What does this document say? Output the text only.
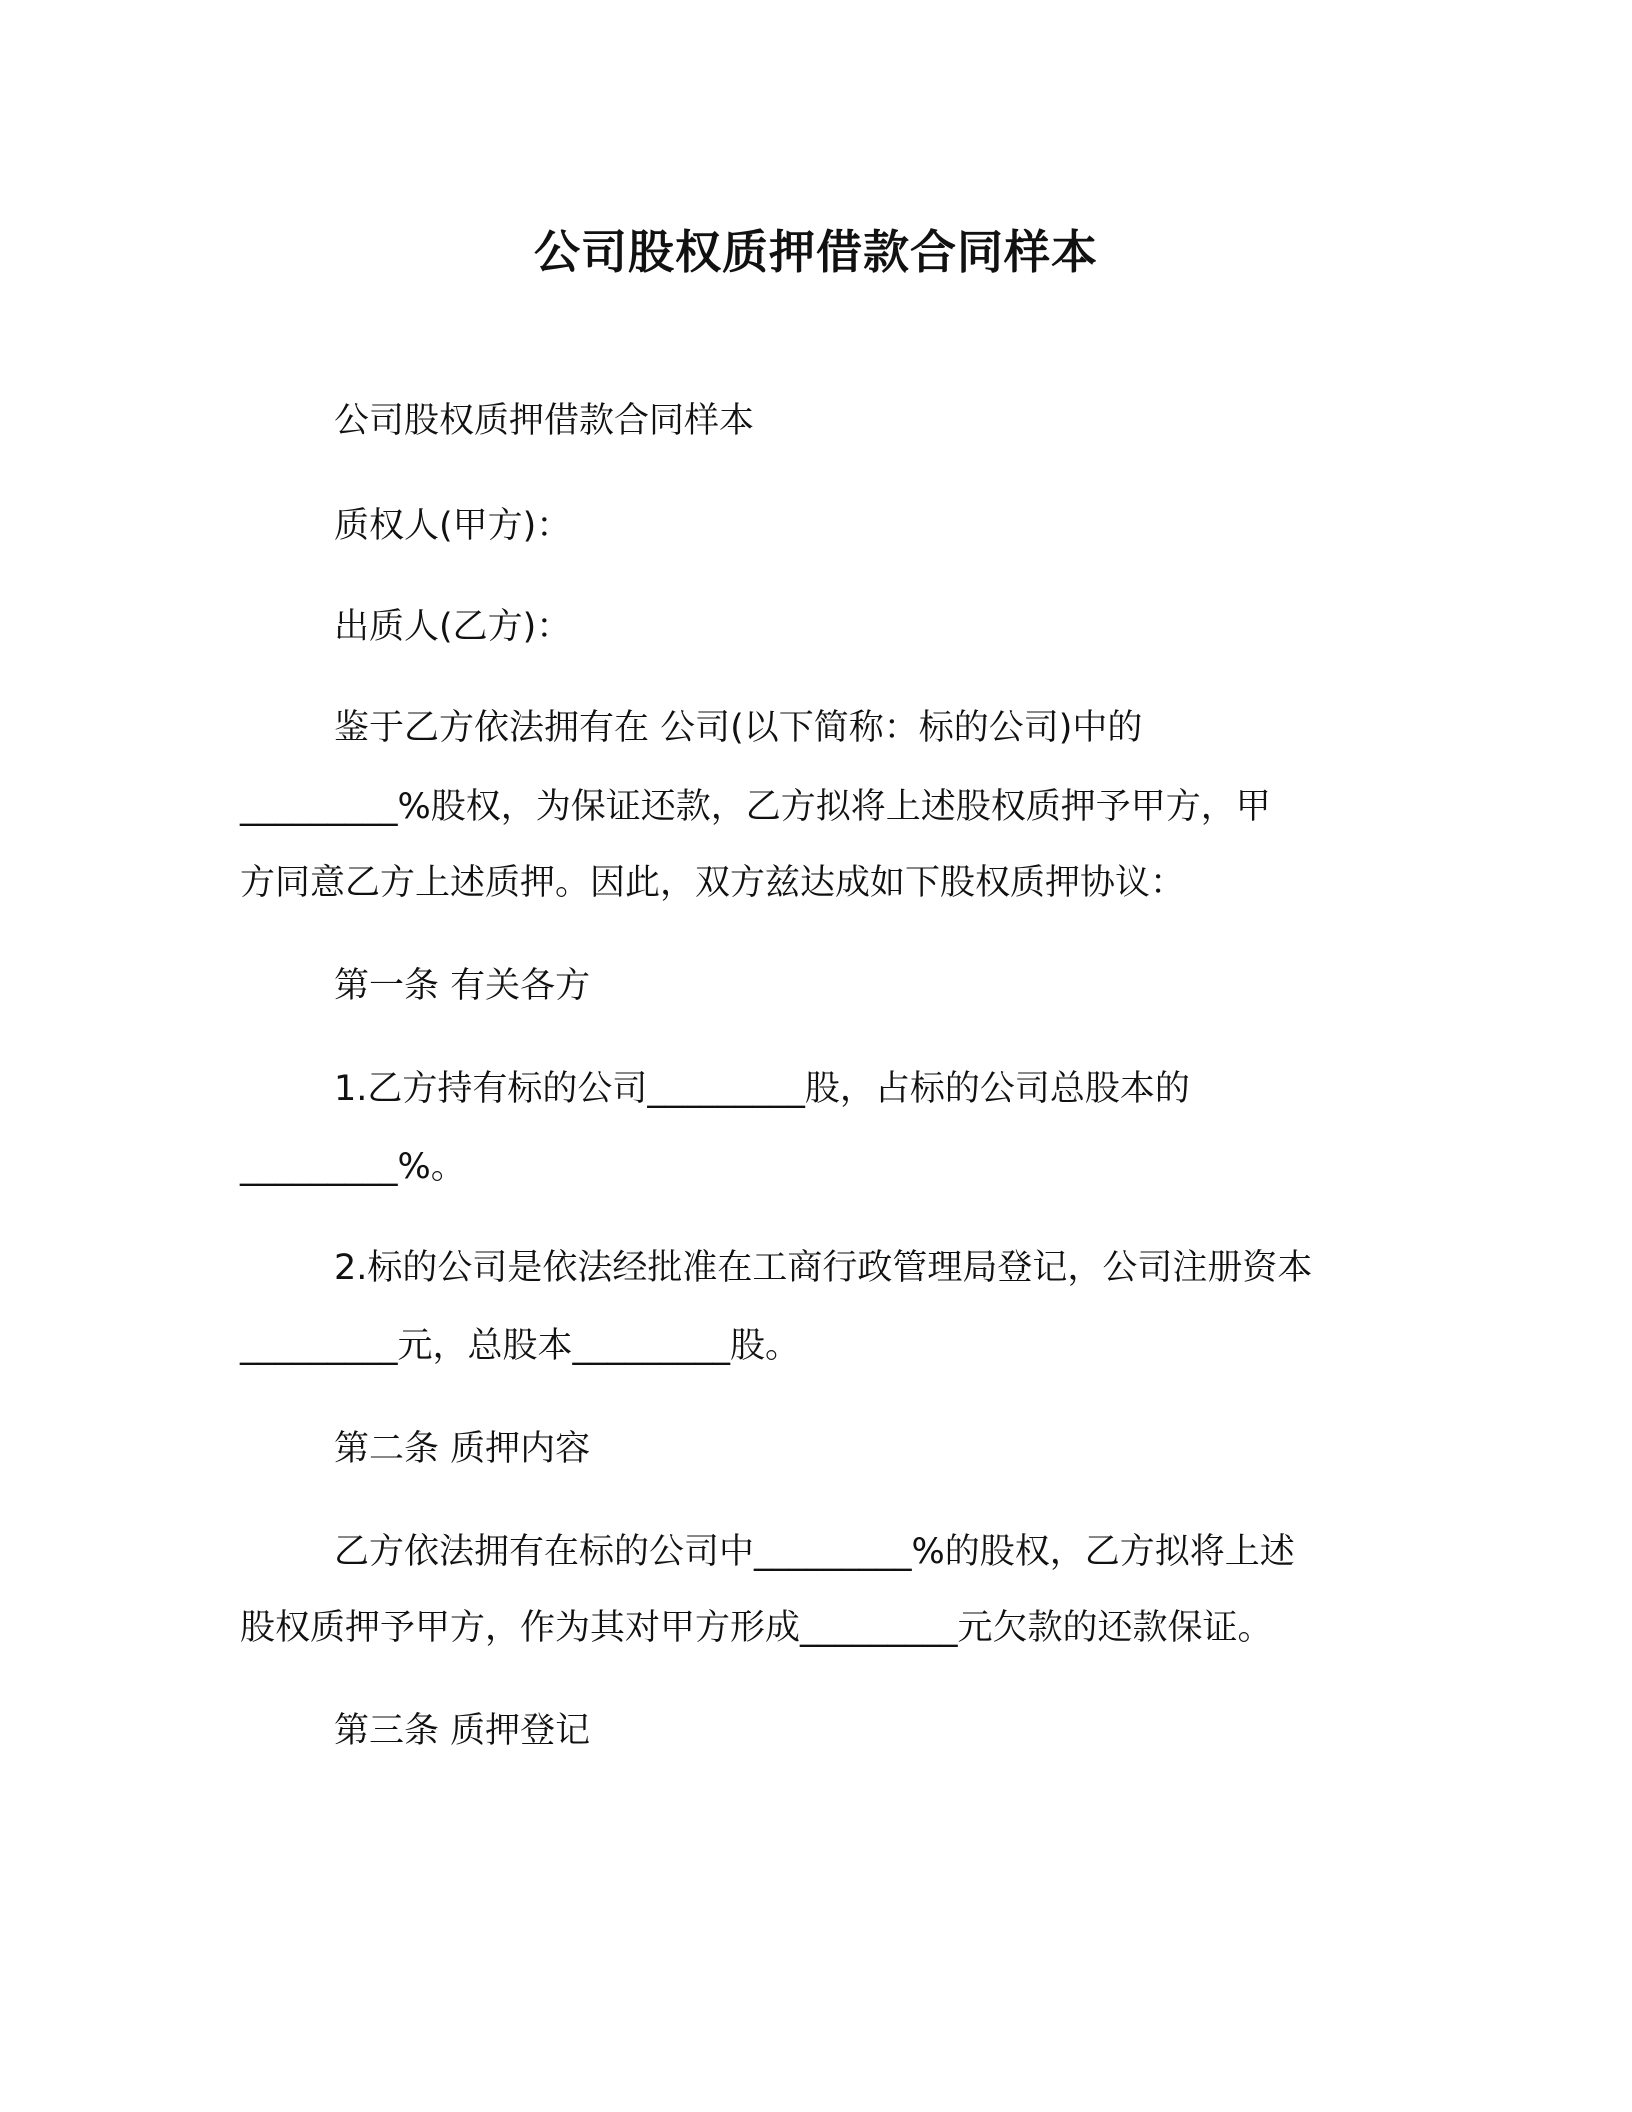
公司股权质押借款合同样本
公司股权质押借款合同样本
质权人(甲方)：
出质人(乙方)：
鉴于乙方依法拥有在 公司(以下简称：标的公司)中的
_________%股权，为保证还款，乙方拟将上述股权质押予甲方，甲
方同意乙方上述质押。因此，双方兹达成如下股权质押协议：
第一条 有关各方
1.乙方持有标的公司_________股，占标的公司总股本的
_________%。
2.标的公司是依法经批准在工商行政管理局登记，公司注册资本
_________元，总股本_________股。
第二条 质押内容
乙方依法拥有在标的公司中_________%的股权，乙方拟将上述
股权质押予甲方，作为其对甲方形成_________元欠款的还款保证。
第三条 质押登记
